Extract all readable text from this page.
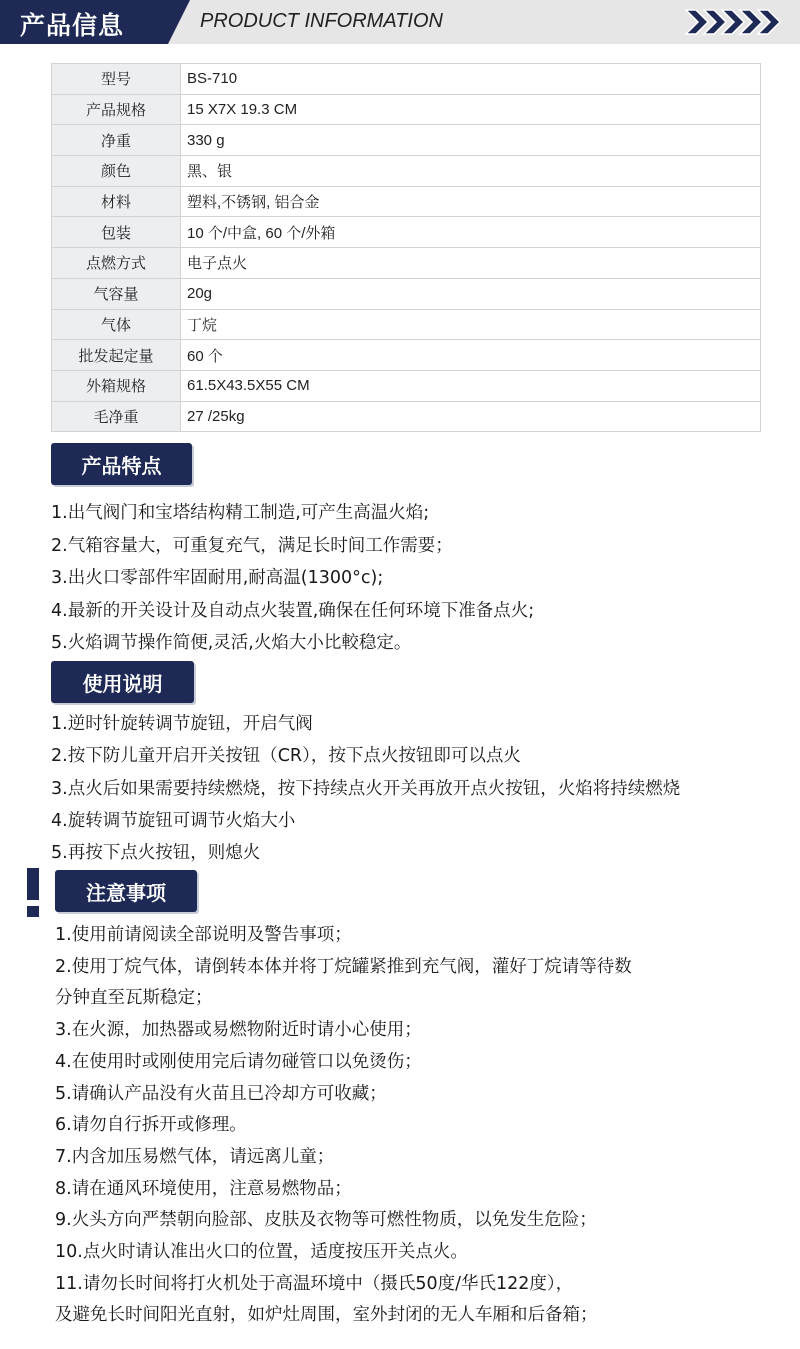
产品信息	PRODUCT INFORMATION
型号	BS-710
产品规格	15 X7X 19.3 CM
净重	330 g
颜色	黑、银
材料	塑料,不锈钢, 铝合金
包装	10 个/中盒, 60 个/外箱
点燃方式	电子点火
气容量	20g
气体	丁烷
批发起定量	60 个
外箱规格	61.5X43.5X55 CM
毛净重	27 /25kg
产品特点
1.出气阀门和宝塔结构精工制造,可产生高温火焰;
2.气箱容量大，可重复充气，满足长时间工作需要；
3.出火口零部件牢固耐用,耐高温(1300°c);
4.最新的开关设计及自动点火装置,确保在任何环境下准备点火;
5.火焰调节操作简便,灵活,火焰大小比較稳定。
使用说明
1.逆时针旋转调节旋钮，开启气阀
2.按下防儿童开启开关按钮（CR），按下点火按钮即可以点火
3.点火后如果需要持续燃烧，按下持续点火开关再放开点火按钮，火焰将持续燃烧
4.旋转调节旋钮可调节火焰大小
5.再按下点火按钮，则熄火
注意事项
1.使用前请阅读全部说明及警告事项；
2.使用丁烷气体，请倒转本体并将丁烷罐紧推到充气阀，灌好丁烷请等待数
分钟直至瓦斯稳定；
3.在火源，加热器或易燃物附近时请小心使用；
4.在使用时或刚使用完后请勿碰管口以免烫伤；
5.请确认产品没有火苗且已冷却方可收藏；
6.请勿自行拆开或修理。
7.内含加压易燃气体，请远离儿童；
8.请在通风环境使用，注意易燃物品；
9.火头方向严禁朝向脸部、皮肤及衣物等可燃性物质，以免发生危险；
10.点火时请认准出火口的位置，适度按压开关点火。
11.请勿长时间将打火机处于高温环境中（摄氏50度/华氏122度），
及避免长时间阳光直射，如炉灶周围，室外封闭的无人车厢和后备箱；
